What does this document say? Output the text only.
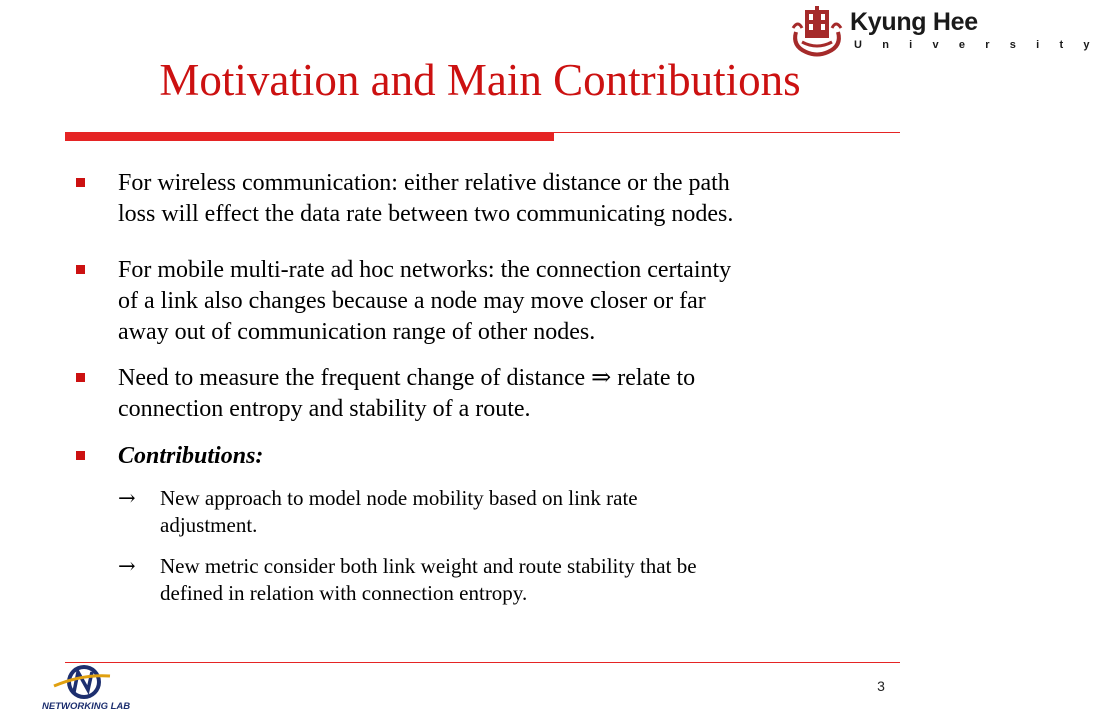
Kyung Hee
U n i v e r s i t y
Motivation and Main Contributions
For wireless communication: either relative distance or the path
loss will effect the data rate between two communicating nodes.
For mobile multi-rate ad hoc networks: the connection certainty
of a link also changes because a node may move closer or far
away out of communication range of other nodes.
Need to measure the frequent change of distance ⇒ relate to
connection entropy and stability of a route.
Contributions:
→ New approach to model node mobility based on link rate
adjustment.
→ New metric consider both link weight and route stability that be
defined in relation with connection entropy.
NETWORKING LAB
3
